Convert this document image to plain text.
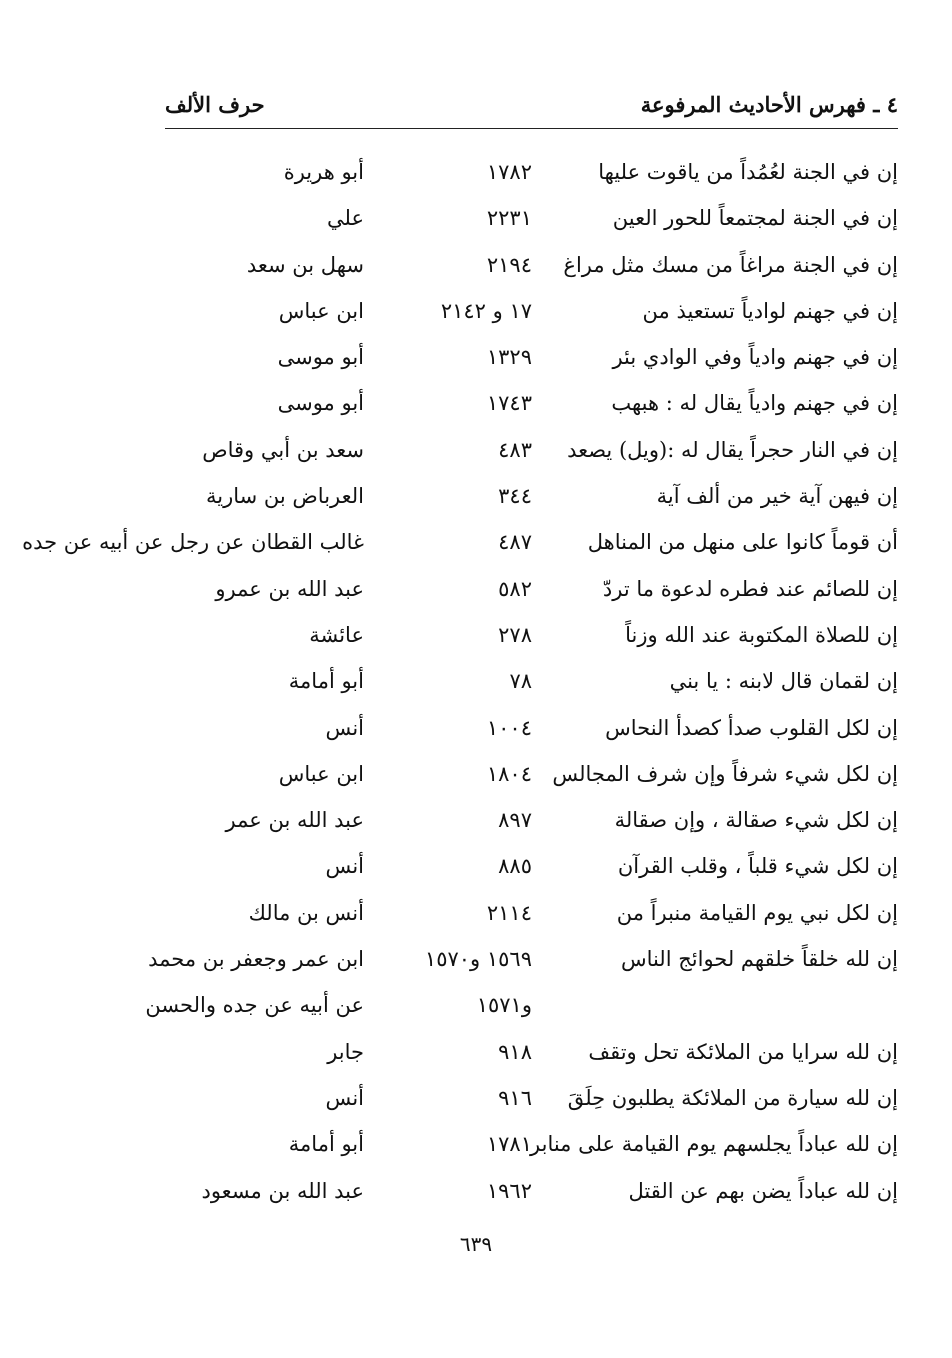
٤ ـ فهرس الأحاديث المرفوعة
حرف الألف
إن في الجنة لعُمُداً من ياقوت عليها
١٧٨٢
أبو هريرة
إن في الجنة لمجتمعاً للحور العين
٢٢٣١
علي
إن في الجنة مراغاً من مسك مثل مراغ
٢١٩٤
سهل بن سعد
إن في جهنم لوادياً تستعيذ من
١٧ و ٢١٤٢
ابن عباس
إن في جهنم وادياً وفي الوادي بئر
١٣٢٩
أبو موسى
إن في جهنم وادياً يقال له : هبهب
١٧٤٣
أبو موسى
إن في النار حجراً يقال له :(ويل) يصعد
٤٨٣
سعد بن أبي وقاص
إن فيهن آية خير من ألف آية
٣٤٤
العرباض بن سارية
أن قوماً كانوا على منهل من المناهل
٤٨٧
غالب القطان عن رجل عن أبيه عن جده
إن للصائم عند فطره لدعوة ما تردّ
٥٨٢
عبد الله بن عمرو
إن للصلاة المكتوبة عند الله وزناً
٢٧٨
عائشة
إن لقمان قال لابنه : يا بني
٧٨
أبو أمامة
إن لكل القلوب صدأ كصدأ النحاس
١٠٠٤
أنس
إن لكل شيء شرفاً وإن شرف المجالس
١٨٠٤
ابن عباس
إن لكل شيء صقالة ، وإن صقالة
٨٩٧
عبد الله بن عمر
إن لكل شيء قلباً ، وقلب القرآن
٨٨٥
أنس
إن لكل نبي يوم القيامة منبراً من
٢١١٤
أنس بن مالك
إن لله خلقاً خلقهم لحوائج الناس
١٥٦٩ و١٥٧٠
ابن عمر وجعفر بن محمد
و١٥٧١
عن أبيه عن جده والحسن
إن لله سرايا من الملائكة تحل وتقف
٩١٨
جابر
إن لله سيارة من الملائكة يطلبون حِلَقَ
٩١٦
أنس
إن لله عباداً يجلسهم يوم القيامة على منابر
١٧٨١
أبو أمامة
إن لله عباداً يضن بهم عن القتل
١٩٦٢
عبد الله بن مسعود
٦٣٩
